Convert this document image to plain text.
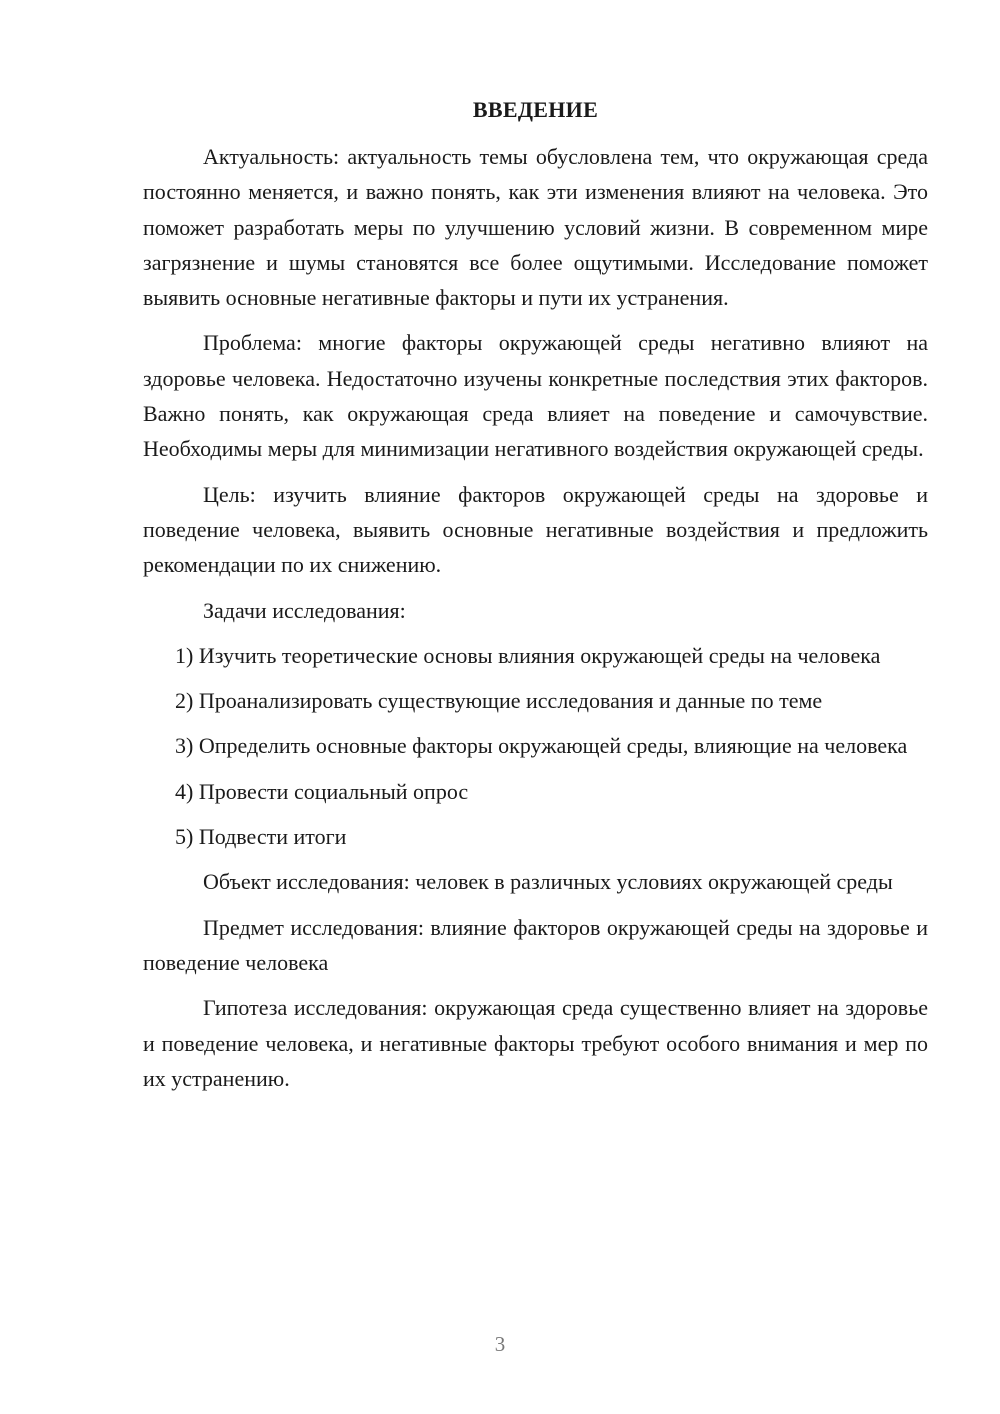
ВВЕДЕНИЕ

Актуальность: актуальность темы обусловлена тем, что окружающая среда постоянно меняется, и важно понять, как эти изменения влияют на человека. Это поможет разработать меры по улучшению условий жизни. В современном мире загрязнение и шумы становятся все более ощутимыми. Исследование поможет выявить основные негативные факторы и пути их устранения.

Проблема: многие факторы окружающей среды негативно влияют на здоровье человека. Недостаточно изучены конкретные последствия этих факторов. Важно понять, как окружающая среда влияет на поведение и самочувствие. Необходимы меры для минимизации негативного воздействия окружающей среды.

Цель: изучить влияние факторов окружающей среды на здоровье и поведение человека, выявить основные негативные воздействия и предложить рекомендации по их снижению.

Задачи исследования:

1) Изучить теоретические основы влияния окружающей среды на человека

2) Проанализировать существующие исследования и данные по теме

3) Определить основные факторы окружающей среды, влияющие на человека

4) Провести социальный опрос

5) Подвести итоги

Объект исследования: человек в различных условиях окружающей среды

Предмет исследования: влияние факторов окружающей среды на здоровье и поведение человека

Гипотеза исследования: окружающая среда существенно влияет на здоровье и поведение человека, и негативные факторы требуют особого внимания и мер по их устранению.

3
